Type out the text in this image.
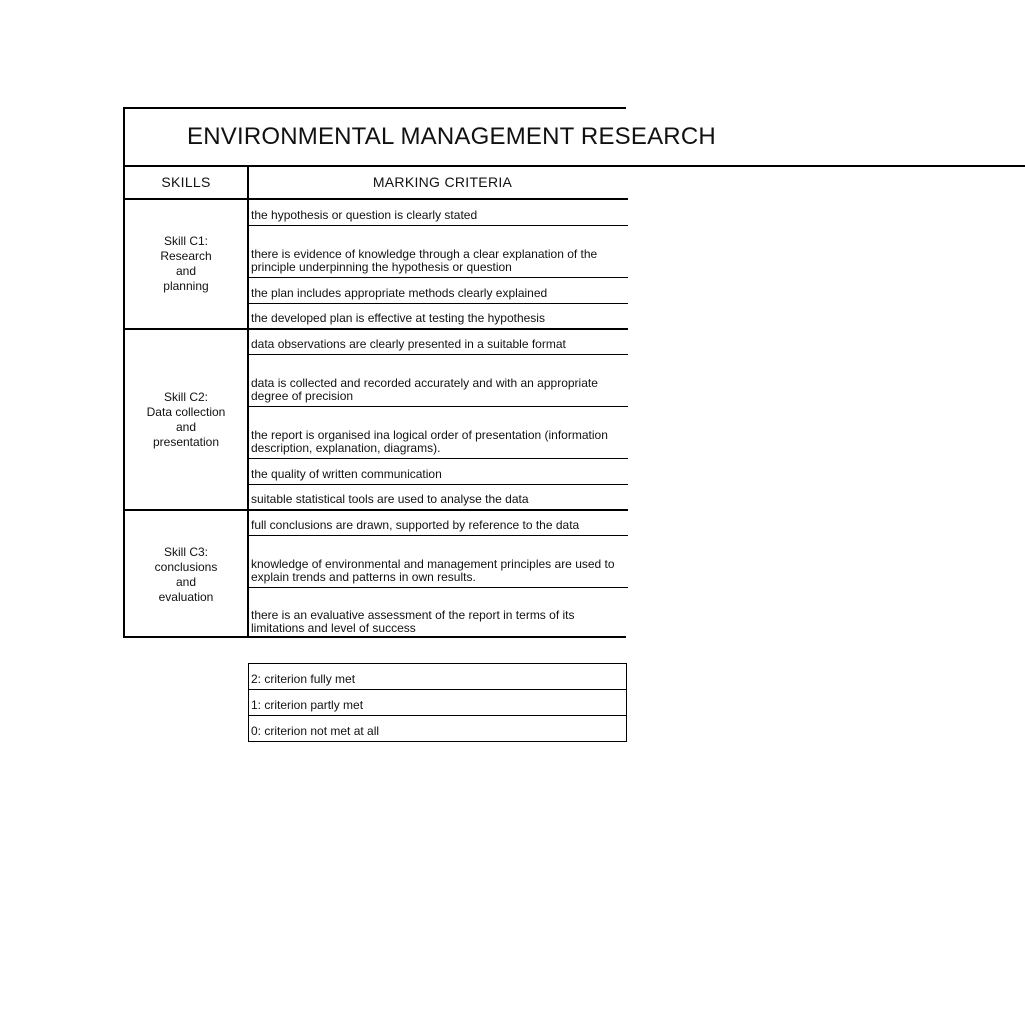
ENVIRONMENTAL MANAGEMENT RESEARCH
SKILLS	MARKING CRITERIA
Skill C1:
Research
and
planning
the hypothesis or question is clearly stated
there is evidence of knowledge through a clear explanation of the principle underpinning the hypothesis or question
the plan includes appropriate methods clearly explained
the developed plan is effective at testing the hypothesis
Skill C2:
Data collection
and
presentation
data observations are clearly presented in a suitable format
data is collected and recorded accurately and with an appropriate degree of precision
the report is organised ina logical order of presentation (information description, explanation, diagrams).
the quality of written communication
suitable statistical tools are used to analyse the data
Skill C3:
conclusions
and
evaluation
full conclusions are drawn, supported by reference to the data
knowledge of environmental and management principles are used to explain trends and patterns in own results.
there is an evaluative assessment of the report in terms of its limitations and level of success
2: criterion fully met
1: criterion partly met
0: criterion not met at all
